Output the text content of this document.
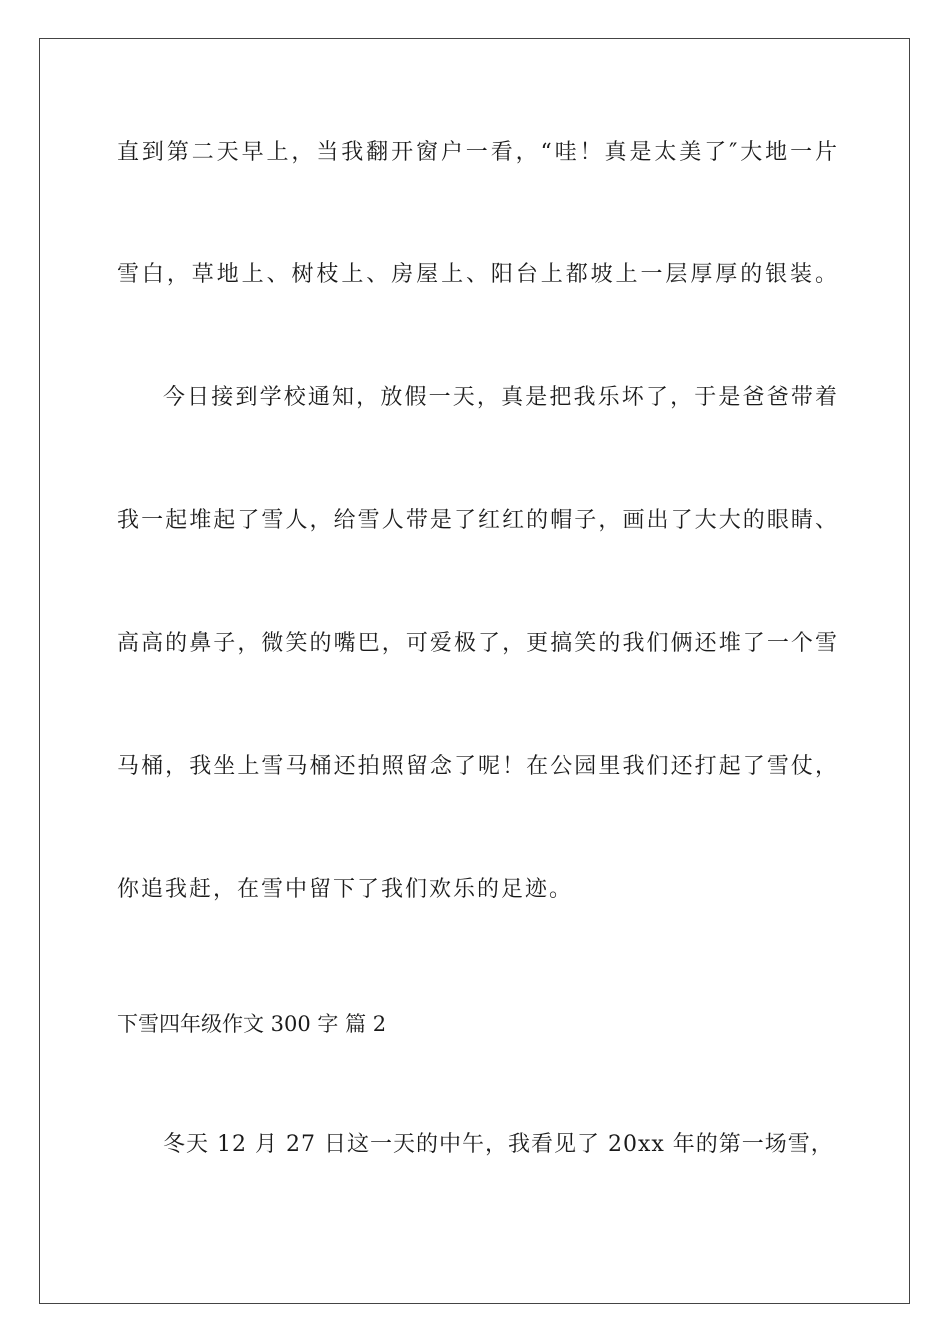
直到第二天早上，当我翻开窗户一看，“哇！真是太美了″大地一片
雪白，草地上、树枝上、房屋上、阳台上都坡上一层厚厚的银装。
今日接到学校通知，放假一天，真是把我乐坏了，于是爸爸带着
我一起堆起了雪人，给雪人带是了红红的帽子，画出了大大的眼睛、
高高的鼻子，微笑的嘴巴，可爱极了，更搞笑的我们俩还堆了一个雪
马桶，我坐上雪马桶还拍照留念了呢！在公园里我们还打起了雪仗，
你追我赶，在雪中留下了我们欢乐的足迹。
下雪四年级作文 300 字 篇 2
冬天 12 月 27 日这一天的中午，我看见了 20xx 年的第一场雪，
